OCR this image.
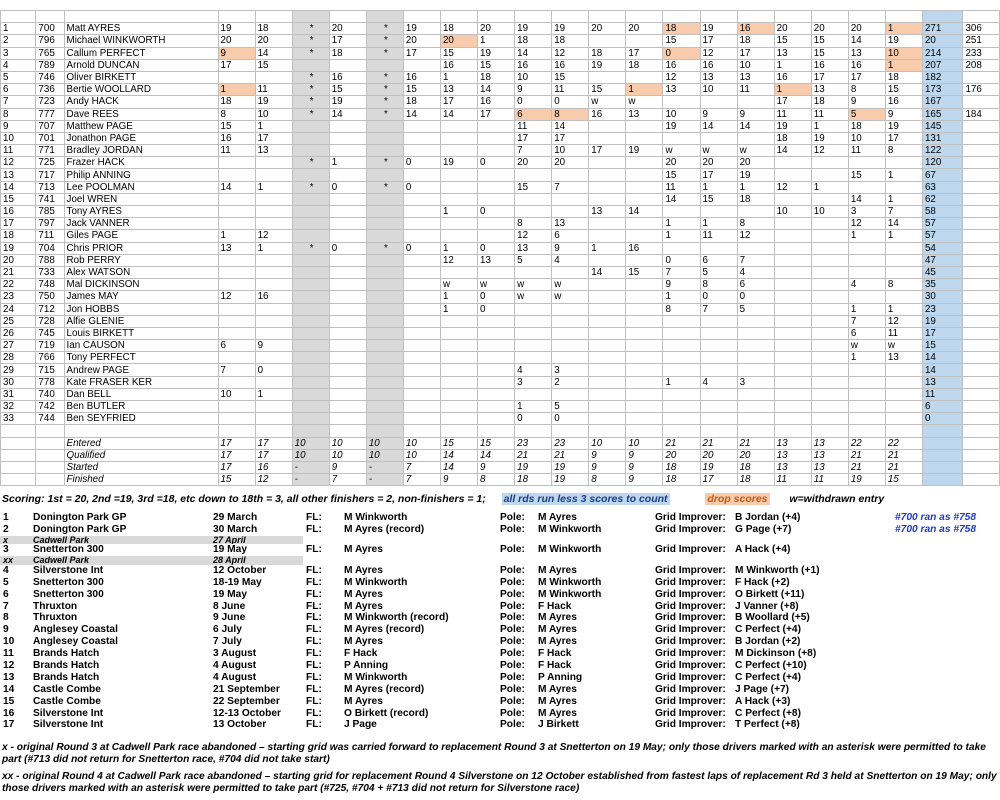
1	700	Matt AYRES	19	18	*	20	*	19	18	20	19	19	20	20	18	19	16	20	20	20	1	271	306
2	796	Michael WINKWORTH	20	20	*	17	*	20	20	1	18	18			15	17	18	15	15	14	19	20	251
3	765	Callum PERFECT	9	14	*	18	*	17	15	19	14	12	18	17	0	12	17	13	15	13	10	214	233
4	789	Arnold DUNCAN	17	15					16	15	16	16	19	18	16	16	10	1	16	16	1	207	208
5	746	Oliver BIRKETT			*	16	*	16	1	18	10	15			12	13	13	16	17	17	18	182	
6	736	Bertie WOOLLARD	1	11	*	15	*	15	13	14	9	11	15	1	13	10	11	1	13	8	15	173	176
7	723	Andy HACK	18	19	*	19	*	18	17	16	0	0	w	w				17	18	9	16	167	
8	777	Dave REES	8	10	*	14	*	14	14	17	6	8	16	13	10	9	9	11	11	5	9	165	184
9	707	Matthew PAGE	15	1							11	14			19	14	14	19	1	18	19	145	
10	701	Jonathon PAGE	16	17							17	17						18	19	10	17	131	
11	771	Bradley JORDAN	11	13							7	10	17	19	w	w	w	14	12	11	8	122	
12	725	Frazer HACK			*	1	*	0	19	0	20	20			20	20	20					120	
13	717	Philip ANNING													15	17	19			15	1	67	
14	713	Lee POOLMAN	14	1	*	0	*	0			15	7			11	1	1	12	1			63	
15	741	Joel WREN													14	15	18			14	1	62	
16	785	Tony AYRES							1	0			13	14				10	10	3	7	58	
17	797	Jack VANNER									8	13			1	1	8			12	14	57	
18	711	Giles PAGE	1	12							12	6			1	11	12			1	1	57	
19	704	Chris PRIOR	13	1	*	0	*	0	1	0	13	9	1	16								54	
20	788	Rob PERRY							12	13	5	4			0	6	7					47	
21	733	Alex WATSON											14	15	7	5	4					45	
22	748	Mal DICKINSON							w	w	w	w			9	8	6			4	8	35	
23	750	James MAY	12	16					1	0	w	w			1	0	0					30	
24	712	Jon HOBBS							1	0					8	7	5			1	1	23	
25	728	Alfie GLENIE																		7	12	19	
26	745	Louis BIRKETT																		6	11	17	
27	719	Ian CAUSON	6	9																w	w	15	
28	766	Tony PERFECT																		1	13	14	
29	715	Andrew PAGE	7	0							4	3										14	
30	778	Kate FRASER KER									3	2			1	4	3					13	
31	740	Dan BELL	10	1																		11	
32	742	Ben BUTLER									1	5										6	
33	744	Ben SEYFRIED									0	0										0	

		Entered	17	17	10	10	10	10	15	15	23	23	10	10	21	21	21	13	13	22	22		
		Qualified	17	17	10	10	10	10	14	14	21	21	9	9	20	20	20	13	13	21	21		
		Started	17	16	-	9	-	7	14	9	19	19	9	9	18	19	18	13	13	21	21		
		Finished	15	12	-	7	-	7	9	8	18	19	8	9	18	17	18	11	11	19	15		
Scoring: 1st = 20, 2nd =19, 3rd =18, etc down to 18th = 3, all other finishers = 2, non-finishers = 1; all rds run less 3 scores to count	drop scores w=withdrawn entry
1	Donington Park GP	29 March	FL:	M Winkworth	Pole:	M Ayres	Grid Improver:	B Jordan (+4)	#700 ran as #758
2	Donington Park GP	30 March	FL:	M Ayres (record)	Pole:	M Winkworth	Grid Improver:	G Page (+7)	#700 ran as #758
x	Cadwell Park	27 April							
3	Snetterton 300	19 May	FL:	M Ayres	Pole:	M Winkworth	Grid Improver:	A Hack (+4)	
xx	Cadwell Park	28 April							
4	Silverstone Int	12 October	FL:	M Ayres	Pole:	M Ayres	Grid Improver:	M Winkworth (+1)	
5	Snetterton 300	18-19 May	FL:	M Winkworth	Pole:	M Winkworth	Grid Improver:	F Hack (+2)	
6	Snetterton 300	19 May	FL:	M Ayres	Pole:	M Winkworth	Grid Improver:	O Birkett (+11)	
7	Thruxton	8 June	FL:	M Ayres	Pole:	F Hack	Grid Improver:	J Vanner (+8)	
8	Thruxton	9 June	FL:	M Winkworth (record)	Pole:	M Ayres	Grid Improver:	B Woollard (+5)	
9	Anglesey Coastal	6 July	FL:	M Ayres (record)	Pole:	M Ayres	Grid Improver:	C Perfect (+4)	
10	Anglesey Coastal	7 July	FL:	M Ayres	Pole:	M Ayres	Grid Improver:	B Jordan (+2)	
11	Brands Hatch	3 August	FL:	F Hack	Pole:	F Hack	Grid Improver:	M Dickinson (+8)	
12	Brands Hatch	4 August	FL:	P Anning	Pole:	F Hack	Grid Improver:	C Perfect (+10)	
13	Brands Hatch	4 August	FL:	M Winkworth	Pole:	P Anning	Grid Improver:	C Perfect (+4)	
14	Castle Combe	21 September	FL:	M Ayres (record)	Pole:	M Ayres	Grid Improver:	J Page (+7)	
15	Castle Combe	22 September	FL:	M Ayres	Pole:	M Ayres	Grid Improver:	A Hack (+3)	
16	Silverstone Int	12-13 October	FL:	O Birkett (record)	Pole:	M Ayres	Grid Improver:	C Perfect (+8)	
17	Silverstone Int	13 October	FL:	J Page	Pole:	J Birkett	Grid Improver:	T Perfect (+8)	

x - original Round 3 at Cadwell Park race abandoned – starting grid was carried forward to replacement Round 3 at Snetterton on 19 May; only those drivers marked with an asterisk were permitted to take part (#713 did not return for Snetterton race, #704 did not take start)

xx - original Round 4 at Cadwell Park race abandoned – starting grid for replacement Round 4 Silverstone on 12 October established from fastest laps of replacement Rd 3 held at Snetterton on 19 May; only those drivers marked with an asterisk were permitted to take part (#725, #704 + #713 did not return for Silverstone race)
